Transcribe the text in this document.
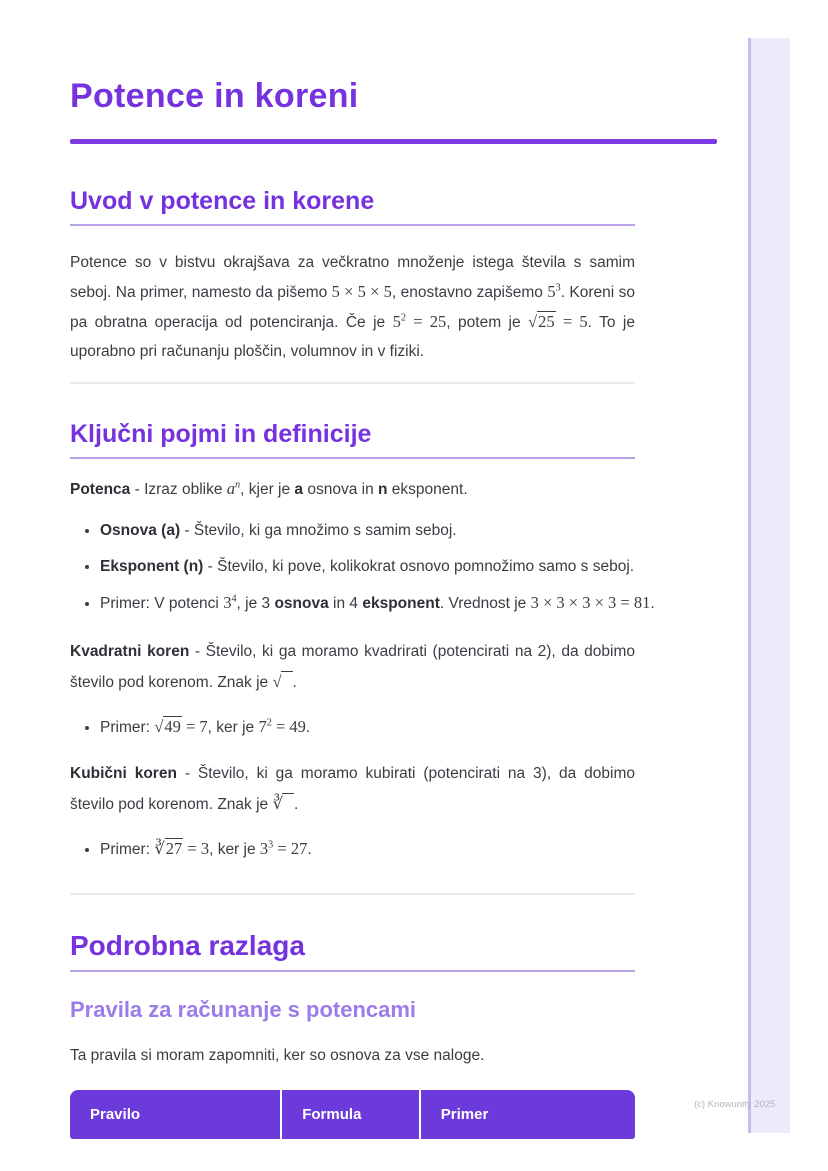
Potence in koreni
Uvod v potence in korene

Potence so v bistvu okrajšava za večkratno množenje istega števila s samim seboj. Na primer, namesto da pišemo 5 × 5 × 5, enostavno zapišemo $5^3$. Koreni so pa obratna operacija od potenciranja. Če je $5^2 = 25$, potem je √25 = 5. To je uporabno pri računanju ploščin, volumnov in v fiziki.

Ključni pojmi in definicije

Potenca - Izraz oblike $a^n$, kjer je a osnova in n eksponent.

• Osnova (a) - Število, ki ga množimo s samim seboj.
• Eksponent (n) - Število, ki pove, kolikokrat osnovo pomnožimo samo s seboj.
• Primer: V potenci $3^4$, je 3 osnova in 4 eksponent. Vrednost je 3 × 3 × 3 × 3 = 81.

Kvadratni koren - Število, ki ga moramo kvadrirati (potencirati na 2), da dobimo število pod korenom. Znak je √ .

• Primer: √49 = 7, ker je $7^2 = 49$.

Kubični koren - Število, ki ga moramo kubirati (potencirati na 3), da dobimo število pod korenom. Znak je ∛ .

• Primer: ∛27 = 3, ker je $3^3 = 27$.
Podrobna razlaga
Pravila za računanje s potencami

Ta pravila si moram zapomniti, ker so osnova za vse naloge.

Pravilo	Formula	Primer
(c) Knowunity 2025
